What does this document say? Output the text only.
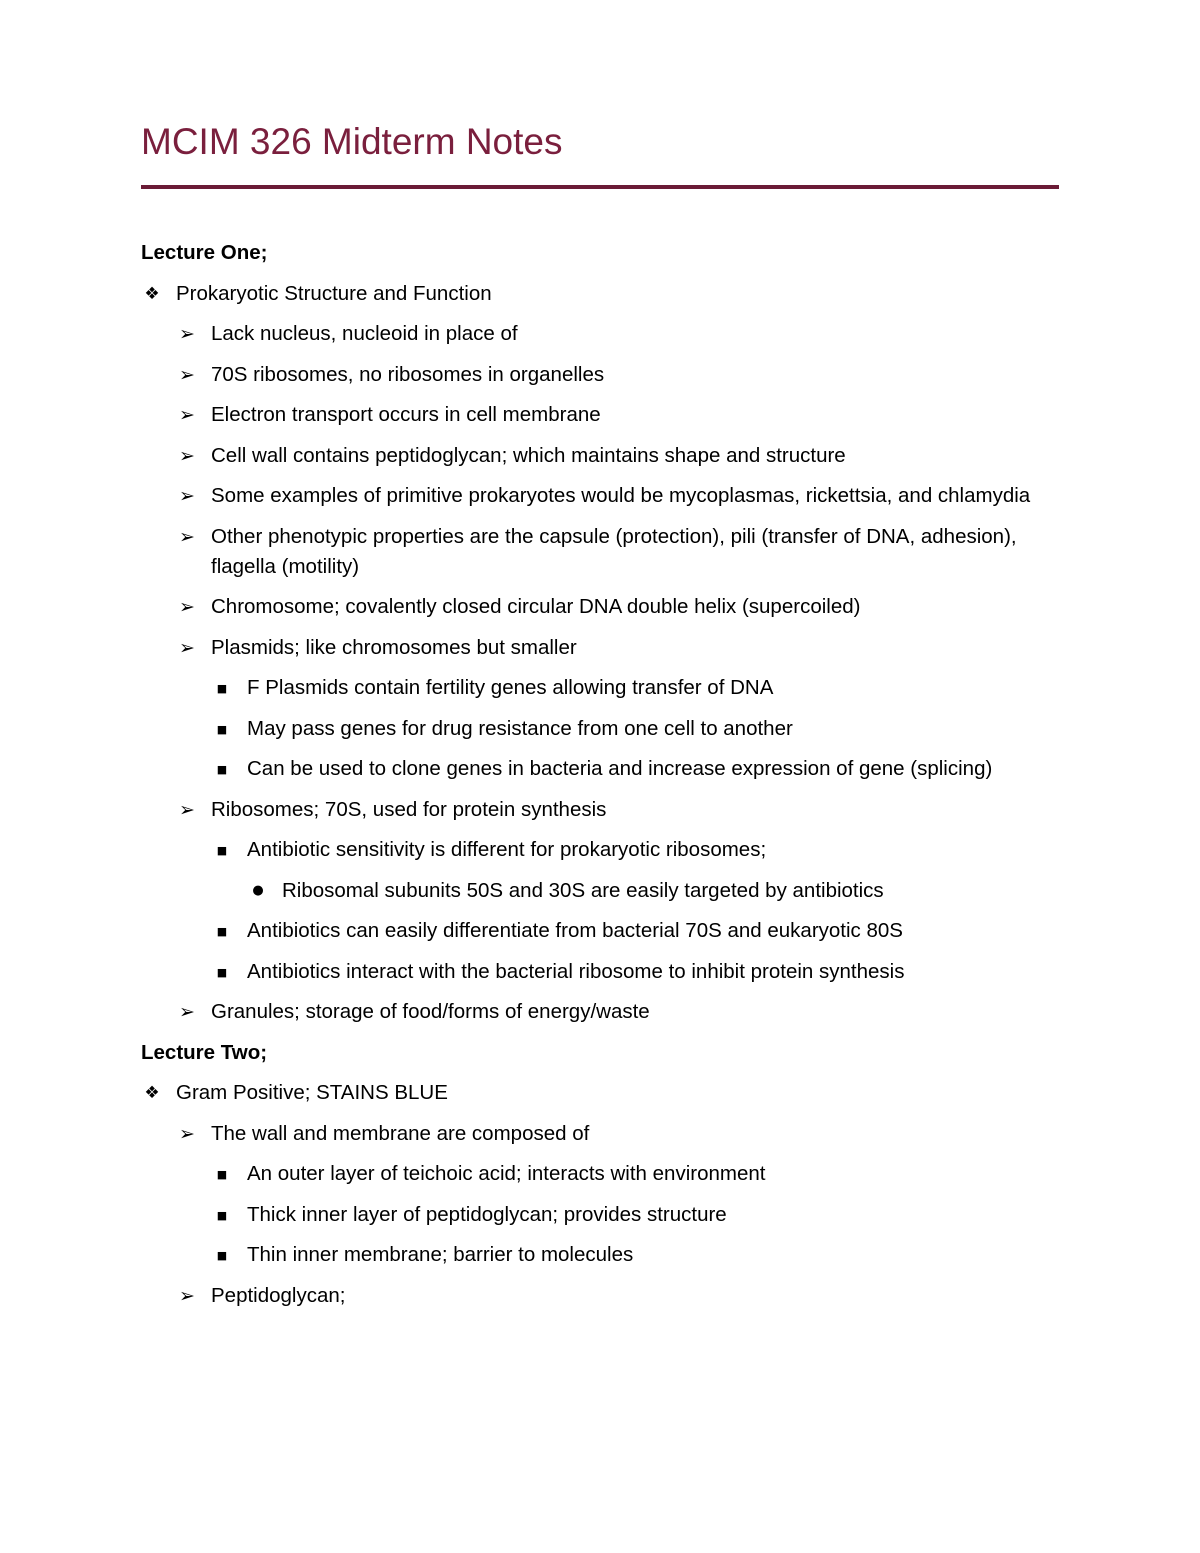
MCIM 326 Midterm Notes
Lecture One;
❖ Prokaryotic Structure and Function
➢ Lack nucleus, nucleoid in place of
➢ 70S ribosomes, no ribosomes in organelles
➢ Electron transport occurs in cell membrane
➢ Cell wall contains peptidoglycan; which maintains shape and structure
➢ Some examples of primitive prokaryotes would be mycoplasmas, rickettsia, and chlamydia
➢ Other phenotypic properties are the capsule (protection), pili (transfer of DNA, adhesion), flagella (motility)
➢ Chromosome; covalently closed circular DNA double helix (supercoiled)
➢ Plasmids; like chromosomes but smaller
■ F Plasmids contain fertility genes allowing transfer of DNA
■ May pass genes for drug resistance from one cell to another
■ Can be used to clone genes in bacteria and increase expression of gene (splicing)
➢ Ribosomes; 70S, used for protein synthesis
■ Antibiotic sensitivity is different for prokaryotic ribosomes;
● Ribosomal subunits 50S and 30S are easily targeted by antibiotics
■ Antibiotics can easily differentiate from bacterial 70S and eukaryotic 80S
■ Antibiotics interact with the bacterial ribosome to inhibit protein synthesis
➢ Granules; storage of food/forms of energy/waste
Lecture Two;
❖ Gram Positive; STAINS BLUE
➢ The wall and membrane are composed of
■ An outer layer of teichoic acid; interacts with environment
■ Thick inner layer of peptidoglycan; provides structure
■ Thin inner membrane; barrier to molecules
➢ Peptidoglycan;
